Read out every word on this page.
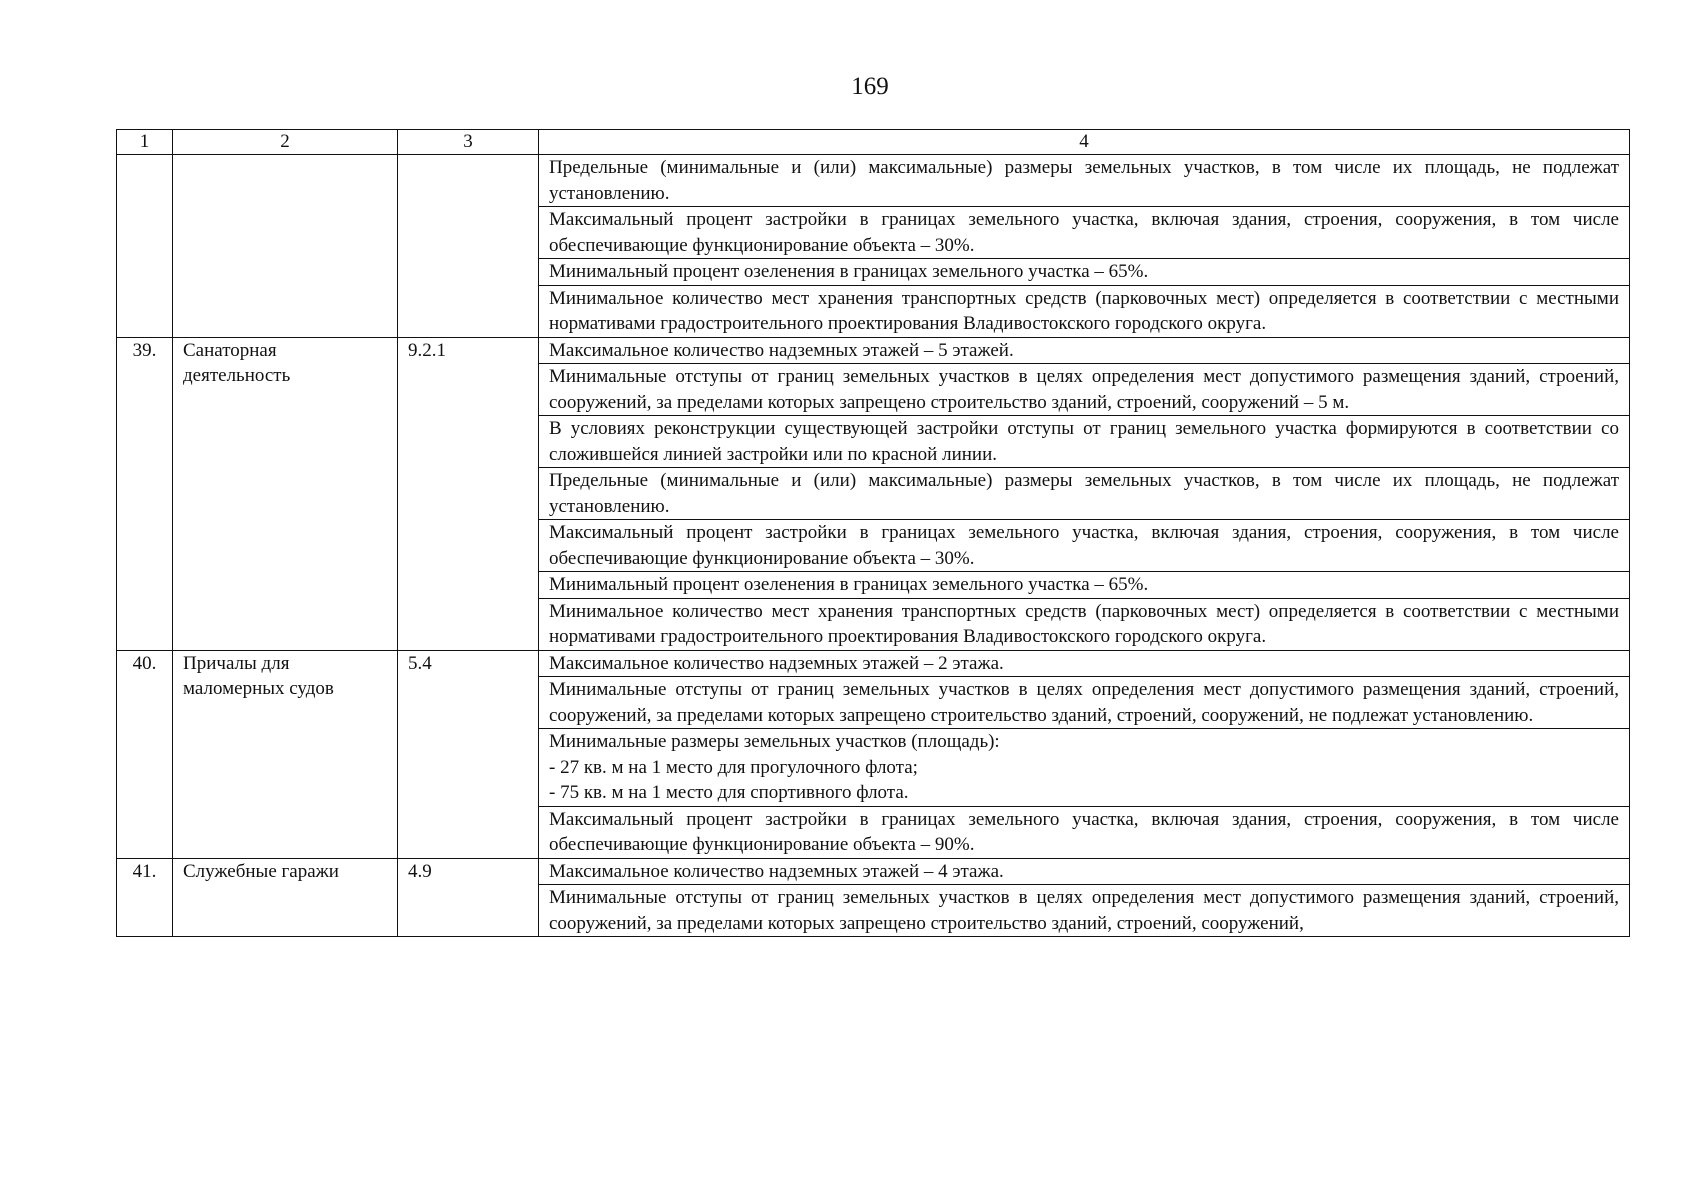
169
1	2	3	4
			Предельные (минимальные и (или) максимальные) размеры земельных участков, в том числе их площадь, не подлежат установлению.
			Максимальный процент застройки в границах земельного участка, включая здания, строения, сооружения, в том числе обеспечивающие функционирование объекта – 30%.
			Минимальный процент озеленения в границах земельного участка – 65%.
			Минимальное количество мест хранения транспортных средств (парковочных мест) определяется в соответствии с местными нормативами градостроительного проектирования Владивостокского городского округа.
39.	Санаторная деятельность	9.2.1	Максимальное количество надземных этажей – 5 этажей.
			Минимальные отступы от границ земельных участков в целях определения мест допустимого размещения зданий, строений, сооружений, за пределами которых запрещено строительство зданий, строений, сооружений – 5 м.
			В условиях реконструкции существующей застройки отступы от границ земельного участка формируются в соответствии со сложившейся линией застройки или по красной линии.
			Предельные (минимальные и (или) максимальные) размеры земельных участков, в том числе их площадь, не подлежат установлению.
			Максимальный процент застройки в границах земельного участка, включая здания, строения, сооружения, в том числе обеспечивающие функционирование объекта – 30%.
			Минимальный процент озеленения в границах земельного участка – 65%.
			Минимальное количество мест хранения транспортных средств (парковочных мест) определяется в соответствии с местными нормативами градостроительного проектирования Владивостокского городского округа.
40.	Причалы для маломерных судов	5.4	Максимальное количество надземных этажей – 2 этажа.
			Минимальные отступы от границ земельных участков в целях определения мест допустимого размещения зданий, строений, сооружений, за пределами которых запрещено строительство зданий, строений, сооружений, не подлежат установлению.

			Минимальные размеры земельных участков (площадь):
- 27 кв. м на 1 место для прогулочного флота;
- 75 кв. м на 1 место для спортивного флота.

			Максимальный процент застройки в границах земельного участка, включая здания, строения, сооружения, в том числе обеспечивающие функционирование объекта – 90%.
41.	Служебные гаражи	4.9	Максимальное количество надземных этажей – 4 этажа.
			Минимальные отступы от границ земельных участков в целях определения мест допустимого размещения зданий, строений, сооружений, за пределами которых запрещено строительство зданий, строений, сооружений,
